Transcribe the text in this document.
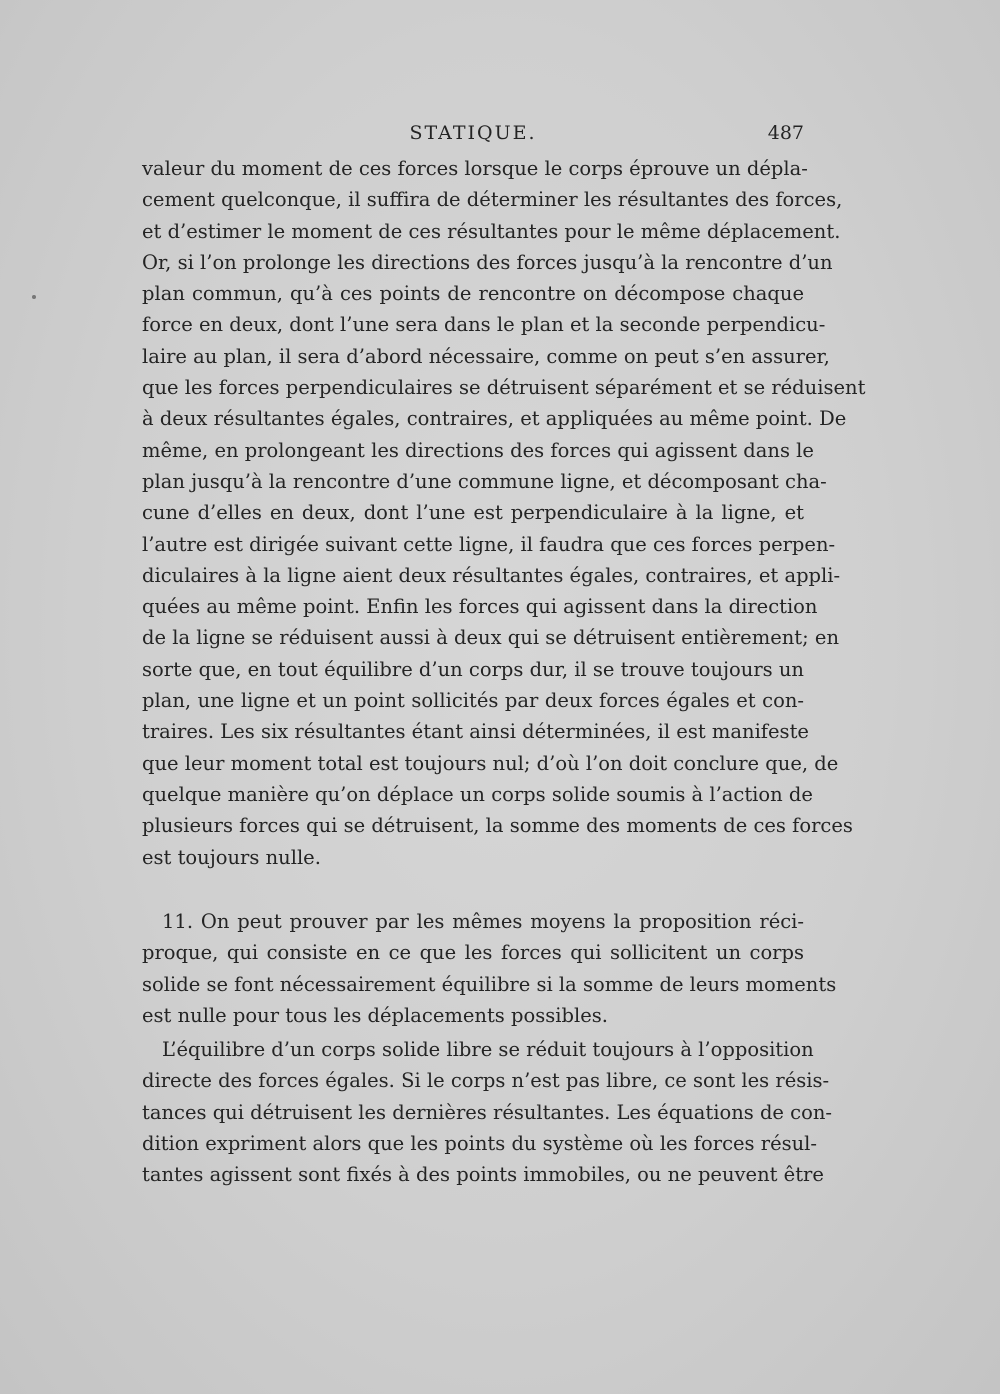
STATIQUE.	487

valeur du moment de ces forces lorsque le corps éprouve un dépla-
cement quelconque, il suffira de déterminer les résultantes des forces,
et d’estimer le moment de ces résultantes pour le même déplacement.
Or, si l’on prolonge les directions des forces jusqu’à la rencontre d’un
plan commun, qu’à ces points de rencontre on décompose chaque
force en deux, dont l’une sera dans le plan et la seconde perpendicu-
laire au plan, il sera d’abord nécessaire, comme on peut s’en assurer,
que les forces perpendiculaires se détruisent séparément et se réduisent
à deux résultantes égales, contraires, et appliquées au même point. De
même, en prolongeant les directions des forces qui agissent dans le
plan jusqu’à la rencontre d’une commune ligne, et décomposant cha-
cune d’elles en deux, dont l’une est perpendiculaire à la ligne, et
l’autre est dirigée suivant cette ligne, il faudra que ces forces perpen-
diculaires à la ligne aient deux résultantes égales, contraires, et appli-
quées au même point. Enfin les forces qui agissent dans la direction
de la ligne se réduisent aussi à deux qui se détruisent entièrement; en
sorte que, en tout équilibre d’un corps dur, il se trouve toujours un
plan, une ligne et un point sollicités par deux forces égales et con-
traires. Les six résultantes étant ainsi déterminées, il est manifeste
que leur moment total est toujours nul; d’où l’on doit conclure que, de
quelque manière qu’on déplace un corps solide soumis à l’action de
plusieurs forces qui se détruisent, la somme des moments de ces forces
est toujours nulle.

11. On peut prouver par les mêmes moyens la proposition réci-
proque, qui consiste en ce que les forces qui sollicitent un corps
solide se font nécessairement équilibre si la somme de leurs moments
est nulle pour tous les déplacements possibles.

L’équilibre d’un corps solide libre se réduit toujours à l’opposition
directe des forces égales. Si le corps n’est pas libre, ce sont les résis-
tances qui détruisent les dernières résultantes. Les équations de con-
dition expriment alors que les points du système où les forces résul-
tantes agissent sont fixés à des points immobiles, ou ne peuvent être
